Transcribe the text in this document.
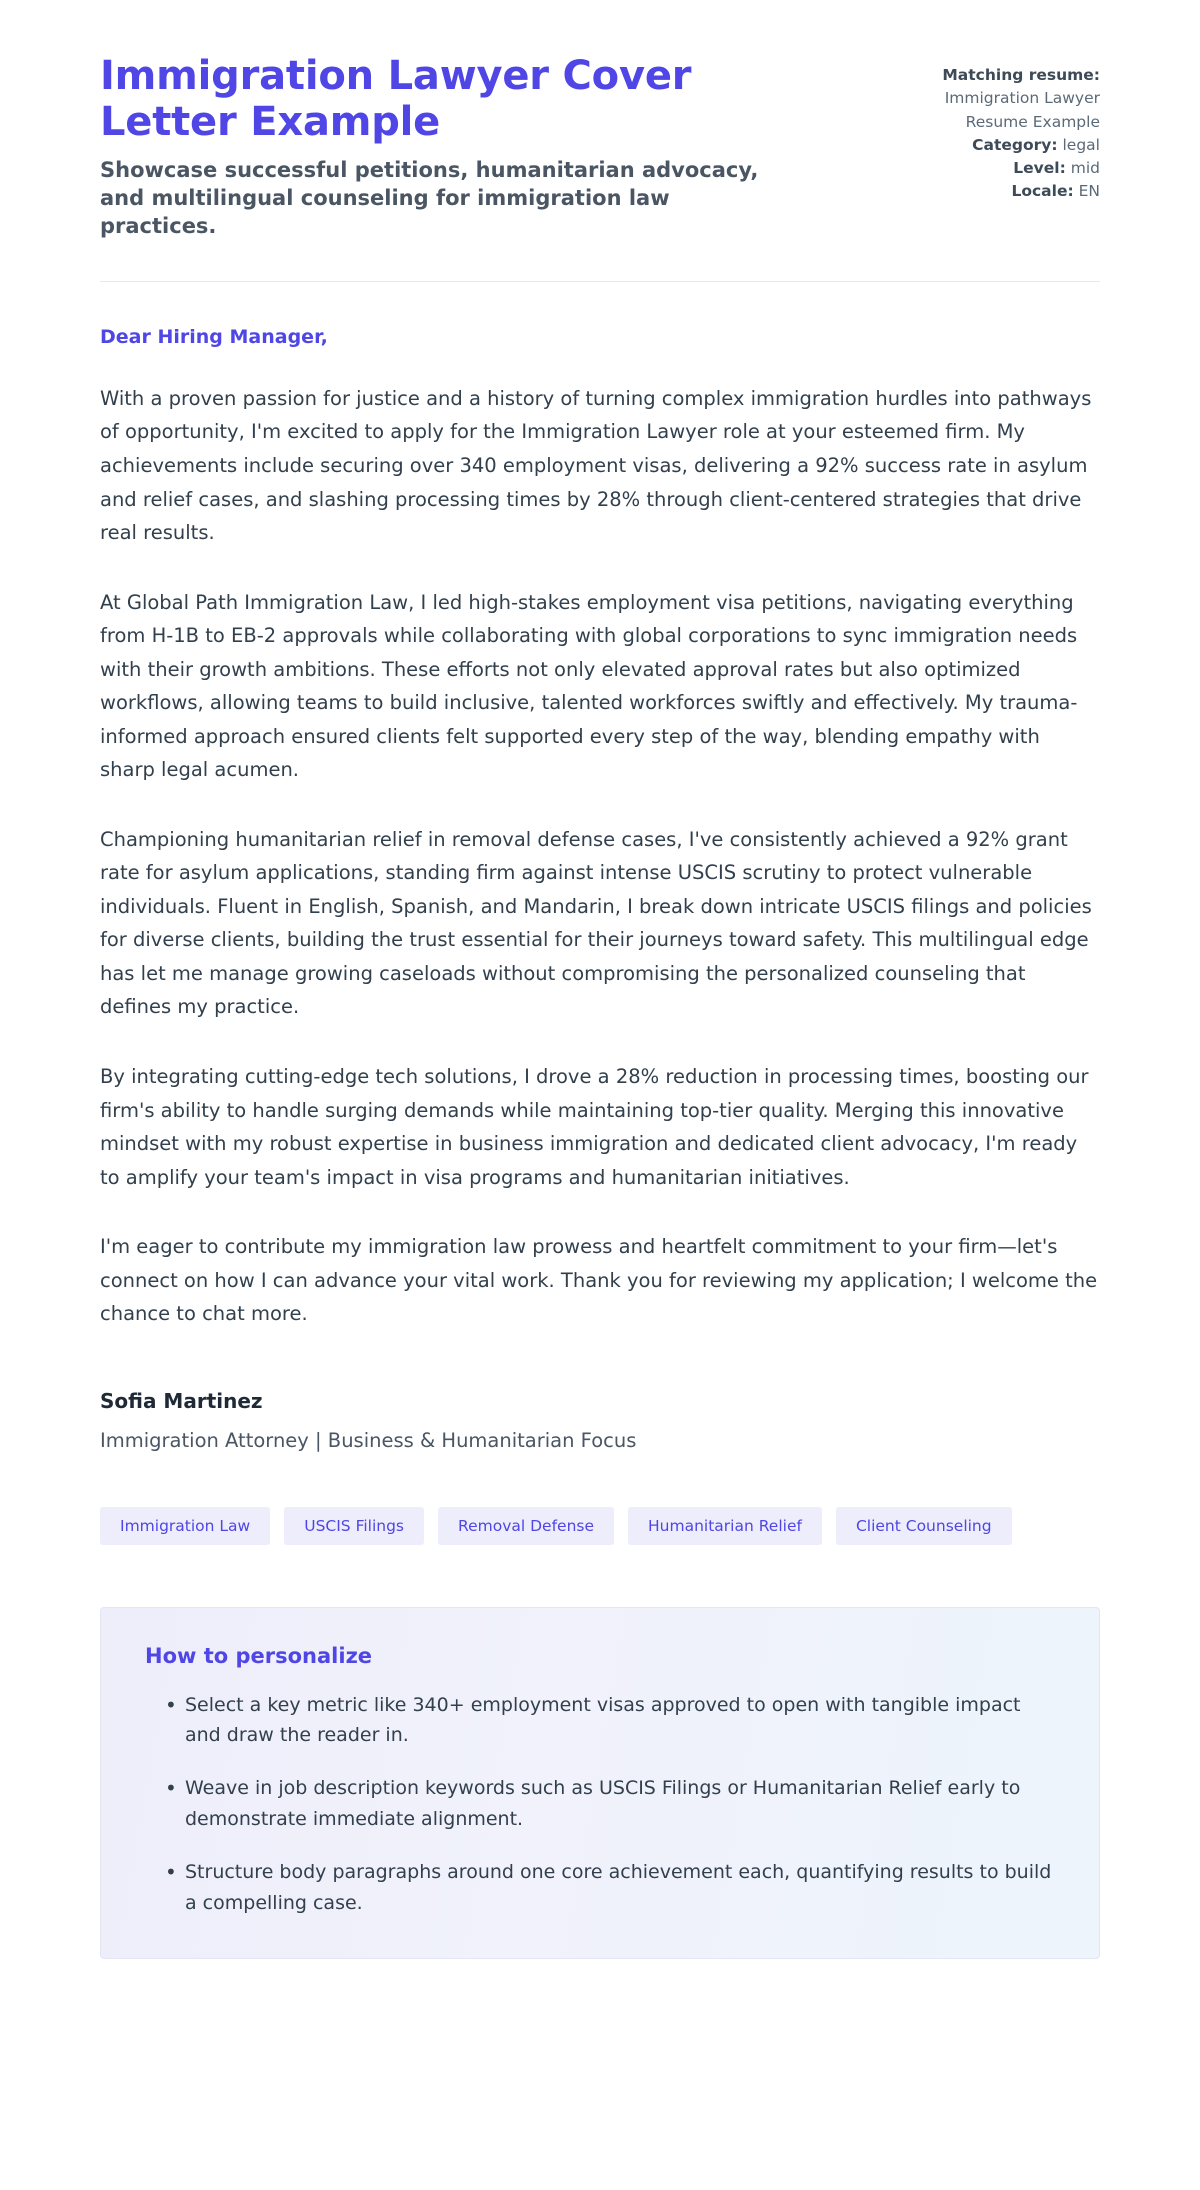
Immigration Lawyer Cover Letter Example

Showcase successful petitions, humanitarian advocacy, and multilingual counseling for immigration law practices.

Matching resume:
Immigration Lawyer Resume Example
Category: legal
Level: mid
Locale: EN

Dear Hiring Manager,

With a proven passion for justice and a history of turning complex immigration hurdles into pathways of opportunity, I'm excited to apply for the Immigration Lawyer role at your esteemed firm. My achievements include securing over 340 employment visas, delivering a 92% success rate in asylum and relief cases, and slashing processing times by 28% through client-centered strategies that drive real results.

At Global Path Immigration Law, I led high-stakes employment visa petitions, navigating everything from H-1B to EB-2 approvals while collaborating with global corporations to sync immigration needs with their growth ambitions. These efforts not only elevated approval rates but also optimized workflows, allowing teams to build inclusive, talented workforces swiftly and effectively. My trauma-informed approach ensured clients felt supported every step of the way, blending empathy with sharp legal acumen.

Championing humanitarian relief in removal defense cases, I've consistently achieved a 92% grant rate for asylum applications, standing firm against intense USCIS scrutiny to protect vulnerable individuals. Fluent in English, Spanish, and Mandarin, I break down intricate USCIS filings and policies for diverse clients, building the trust essential for their journeys toward safety. This multilingual edge has let me manage growing caseloads without compromising the personalized counseling that defines my practice.

By integrating cutting-edge tech solutions, I drove a 28% reduction in processing times, boosting our firm's ability to handle surging demands while maintaining top-tier quality. Merging this innovative mindset with my robust expertise in business immigration and dedicated client advocacy, I'm ready to amplify your team's impact in visa programs and humanitarian initiatives.

I'm eager to contribute my immigration law prowess and heartfelt commitment to your firm—let's connect on how I can advance your vital work. Thank you for reviewing my application; I welcome the chance to chat more.

Sofia Martinez

Immigration Attorney | Business & Humanitarian Focus

Immigration Law	USCIS Filings	Removal Defense	Humanitarian Relief	Client Counseling

How to personalize

• Select a key metric like 340+ employment visas approved to open with tangible impact and draw the reader in.
• Weave in job description keywords such as USCIS Filings or Humanitarian Relief early to demonstrate immediate alignment.
• Structure body paragraphs around one core achievement each, quantifying results to build a compelling case.
